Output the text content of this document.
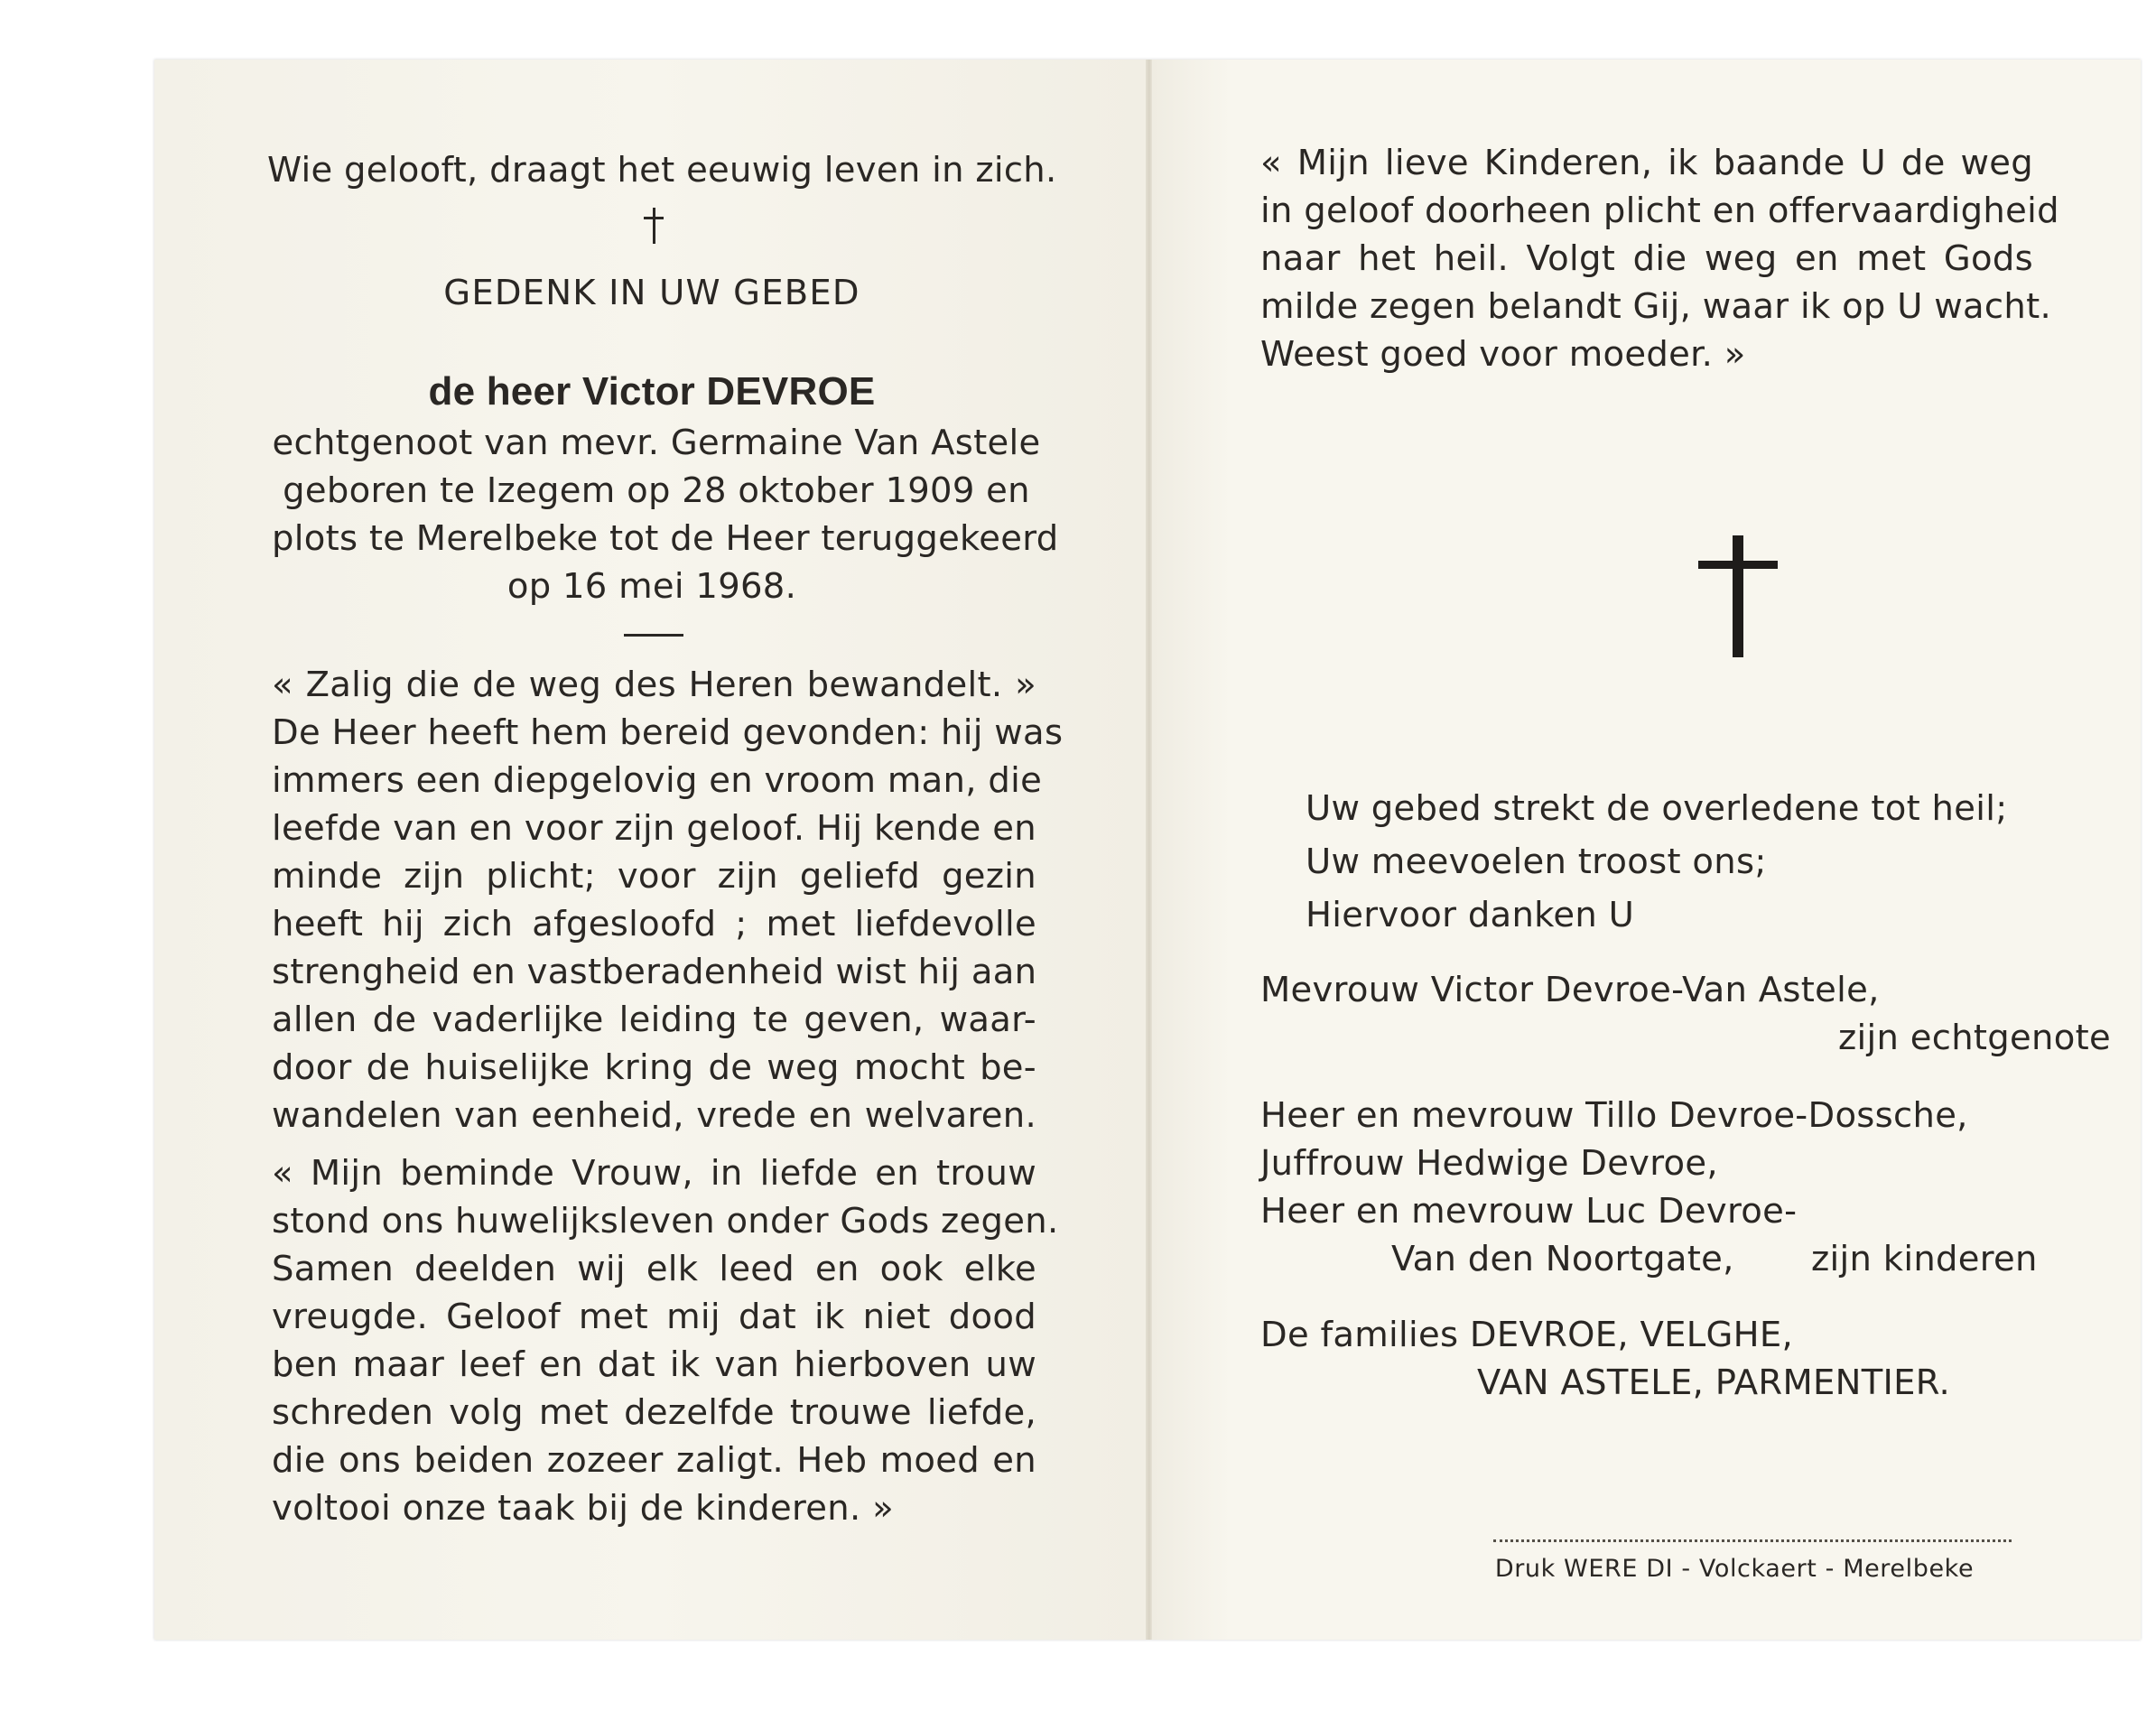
Wie gelooft, draagt het eeuwig leven in zich.
GEDENK IN UW GEBED
de heer Victor DEVROE
echtgenoot van mevr. Germaine Van Astele
geboren te Izegem op 28 oktober 1909 en
plots te Merelbeke tot de Heer teruggekeerd
op 16 mei 1968.
« Zalig die de weg des Heren bewandelt. »
De Heer heeft hem bereid gevonden: hij was
immers een diepgelovig en vroom man, die
leefde van en voor zijn geloof. Hij kende en
minde zijn plicht; voor zijn geliefd gezin
heeft hij zich afgesloofd ; met liefdevolle
strengheid en vastberadenheid wist hij aan
allen de vaderlijke leiding te geven, waar-
door de huiselijke kring de weg mocht be-
wandelen van eenheid, vrede en welvaren.
« Mijn beminde Vrouw, in liefde en trouw
stond ons huwelijksleven onder Gods zegen.
Samen deelden wij elk leed en ook elke
vreugde. Geloof met mij dat ik niet dood
ben maar leef en dat ik van hierboven uw
schreden volg met dezelfde trouwe liefde,
die ons beiden zozeer zaligt. Heb moed en
voltooi onze taak bij de kinderen. »
« Mijn lieve Kinderen, ik baande U de weg
in geloof doorheen plicht en offervaardigheid
naar het heil. Volgt die weg en met Gods
milde zegen belandt Gij, waar ik op U wacht.
Weest goed voor moeder. »
Uw gebed strekt de overledene tot heil;
Uw meevoelen troost ons;
Hiervoor danken U
Mevrouw Victor Devroe-Van Astele,
zijn echtgenote
Heer en mevrouw Tillo Devroe-Dossche,
Juffrouw Hedwige Devroe,
Heer en mevrouw Luc Devroe-
Van den Noortgate, zijn kinderen
De families DEVROE, VELGHE,
VAN ASTELE, PARMENTIER.
Druk WERE DI - Volckaert - Merelbeke
